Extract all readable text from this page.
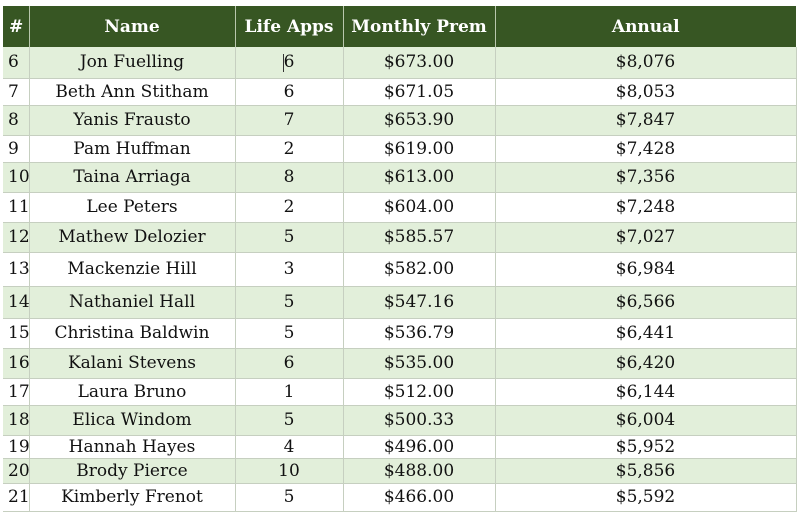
#	Name	Life Apps	Monthly Prem	Annual
6	Jon Fuelling	6	$673.00	$8,076
7	Beth Ann Stitham	6	$671.05	$8,053
8	Yanis Frausto	7	$653.90	$7,847
9	Pam Huffman	2	$619.00	$7,428
10	Taina Arriaga	8	$613.00	$7,356
11	Lee Peters	2	$604.00	$7,248
12	Mathew Delozier	5	$585.57	$7,027
13	Mackenzie Hill	3	$582.00	$6,984
14	Nathaniel Hall	5	$547.16	$6,566
15	Christina Baldwin	5	$536.79	$6,441
16	Kalani Stevens	6	$535.00	$6,420
17	Laura Bruno	1	$512.00	$6,144
18	Elica Windom	5	$500.33	$6,004
19	Hannah Hayes	4	$496.00	$5,952
20	Brody Pierce	10	$488.00	$5,856
21	Kimberly Frenot	5	$466.00	$5,592
